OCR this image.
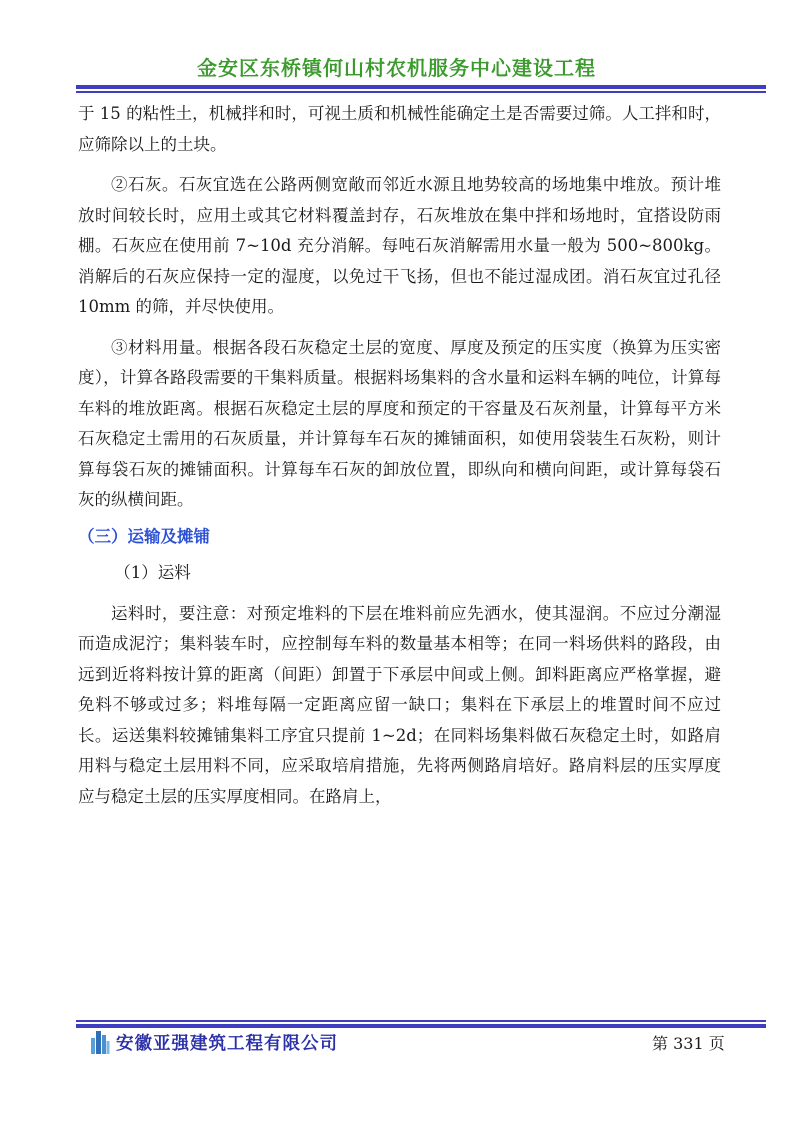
金安区东桥镇何山村农机服务中心建设工程

于 15 的粘性土，机械拌和时，可视土质和机械性能确定土是否需要过筛。人工拌和时，应筛除以上的土块。

②石灰。石灰宜选在公路两侧宽敞而邻近水源且地势较高的场地集中堆放。预计堆放时间较长时，应用土或其它材料覆盖封存，石灰堆放在集中拌和场地时，宜搭设防雨棚。石灰应在使用前 7~10d 充分消解。每吨石灰消解需用水量一般为 500~800kg。消解后的石灰应保持一定的湿度，以免过干飞扬，但也不能过湿成团。消石灰宜过孔径 10mm 的筛，并尽快使用。

③材料用量。根据各段石灰稳定土层的宽度、厚度及预定的压实度（换算为压实密度），计算各路段需要的干集料质量。根据料场集料的含水量和运料车辆的吨位，计算每车料的堆放距离。根据石灰稳定土层的厚度和预定的干容量及石灰剂量，计算每平方米石灰稳定土需用的石灰质量，并计算每车石灰的摊铺面积，如使用袋装生石灰粉，则计算每袋石灰的摊铺面积。计算每车石灰的卸放位置，即纵向和横向间距，或计算每袋石灰的纵横间距。

（三）运输及摊铺

（1）运料

运料时，要注意：对预定堆料的下层在堆料前应先洒水，使其湿润。不应过分潮湿而造成泥泞；集料装车时，应控制每车料的数量基本相等；在同一料场供料的路段，由远到近将料按计算的距离（间距）卸置于下承层中间或上侧。卸料距离应严格掌握，避免料不够或过多；料堆每隔一定距离应留一缺口；集料在下承层上的堆置时间不应过长。运送集料较摊铺集料工序宜只提前 1~2d；在同料场集料做石灰稳定土时，如路肩用料与稳定土层用料不同，应采取培肩措施，先将两侧路肩培好。路肩料层的压实厚度应与稳定土层的压实厚度相同。在路肩上，

安徽亚强建筑工程有限公司	第 331 页
